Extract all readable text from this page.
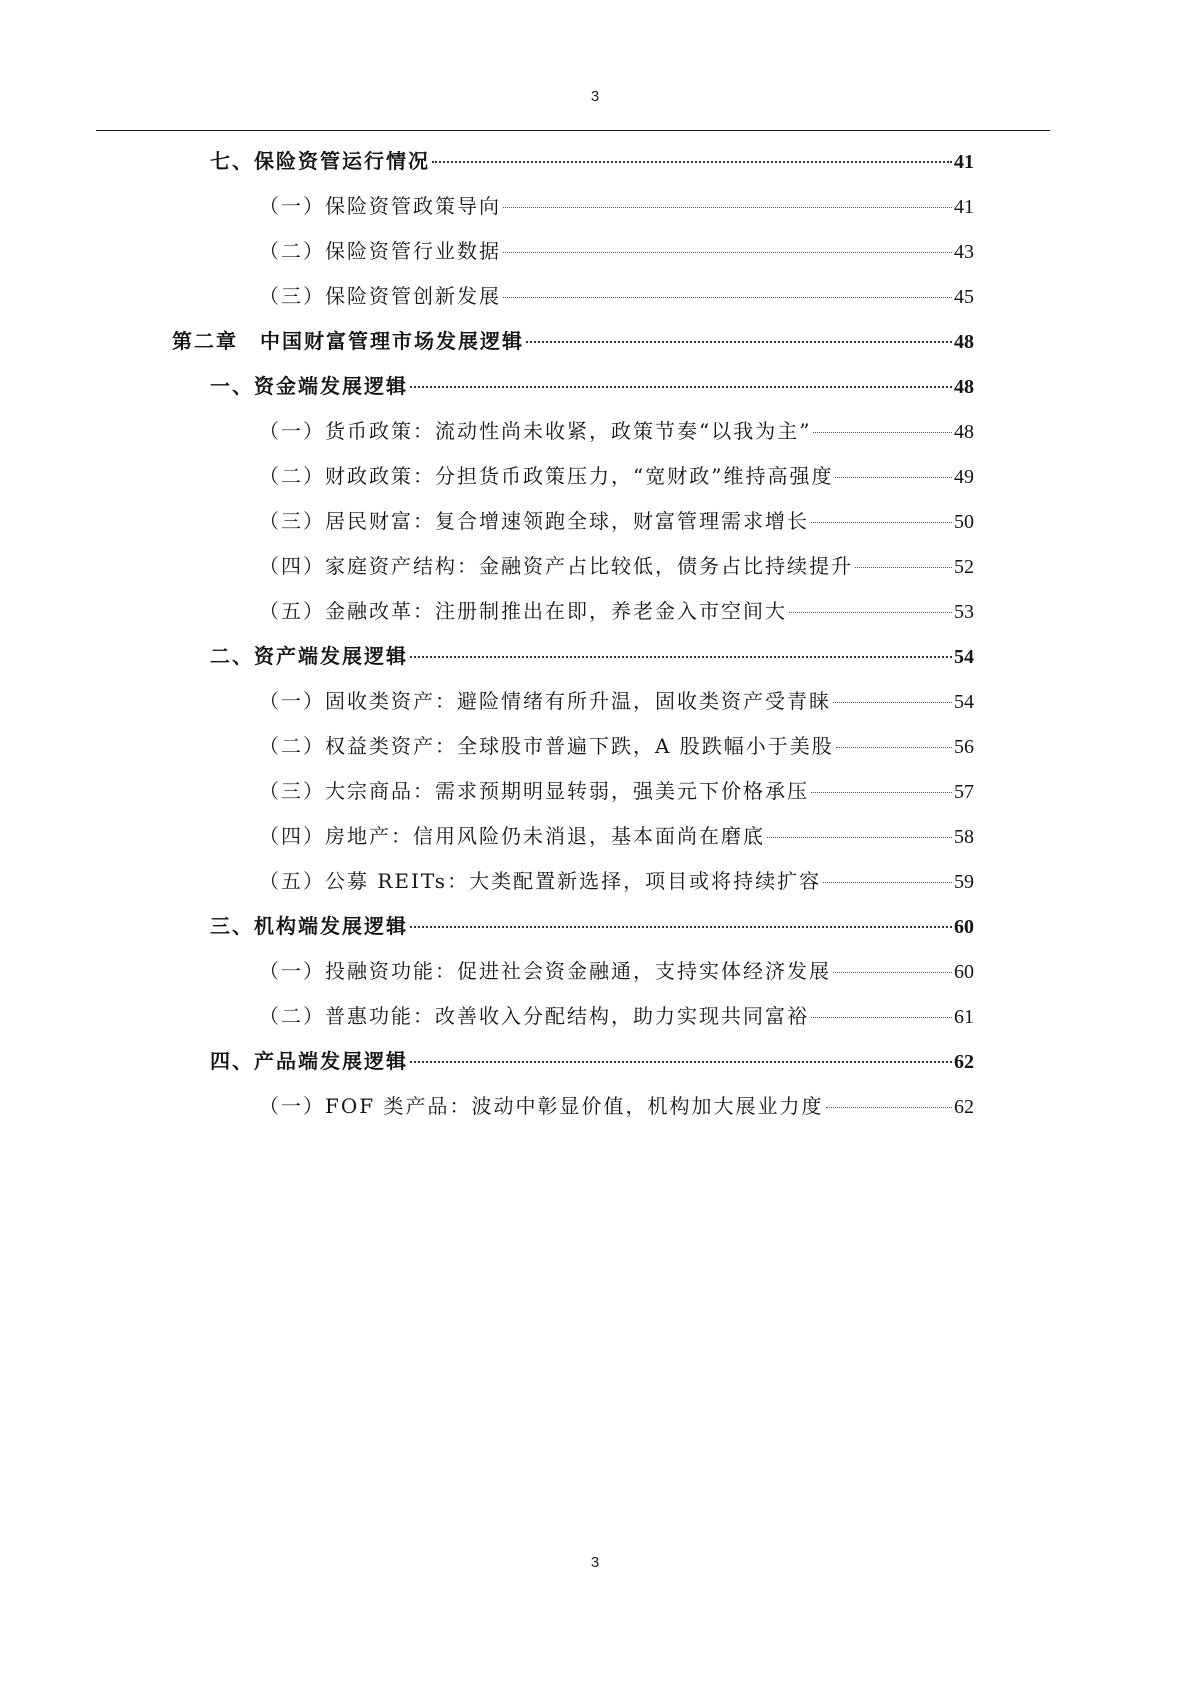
3
七、保险资管运行情况	41
（一）保险资管政策导向	41
（二）保险资管行业数据	43
（三）保险资管创新发展	45
第二章　中国财富管理市场发展逻辑	48
一、资金端发展逻辑	48
（一）货币政策：流动性尚未收紧，政策节奏“以我为主”	48
（二）财政政策：分担货币政策压力，“宽财政”维持高强度	49
（三）居民财富：复合增速领跑全球，财富管理需求增长	50
（四）家庭资产结构：金融资产占比较低，债务占比持续提升	52
（五）金融改革：注册制推出在即，养老金入市空间大	53
二、资产端发展逻辑	54
（一）固收类资产：避险情绪有所升温，固收类资产受青睐	54
（二）权益类资产：全球股市普遍下跌，A 股跌幅小于美股	56
（三）大宗商品：需求预期明显转弱，强美元下价格承压	57
（四）房地产：信用风险仍未消退，基本面尚在磨底	58
（五）公募 REITs：大类配置新选择，项目或将持续扩容	59
三、机构端发展逻辑	60
（一）投融资功能：促进社会资金融通，支持实体经济发展	60
（二）普惠功能：改善收入分配结构，助力实现共同富裕	61
四、产品端发展逻辑	62
（一）FOF 类产品：波动中彰显价值，机构加大展业力度	62
3
